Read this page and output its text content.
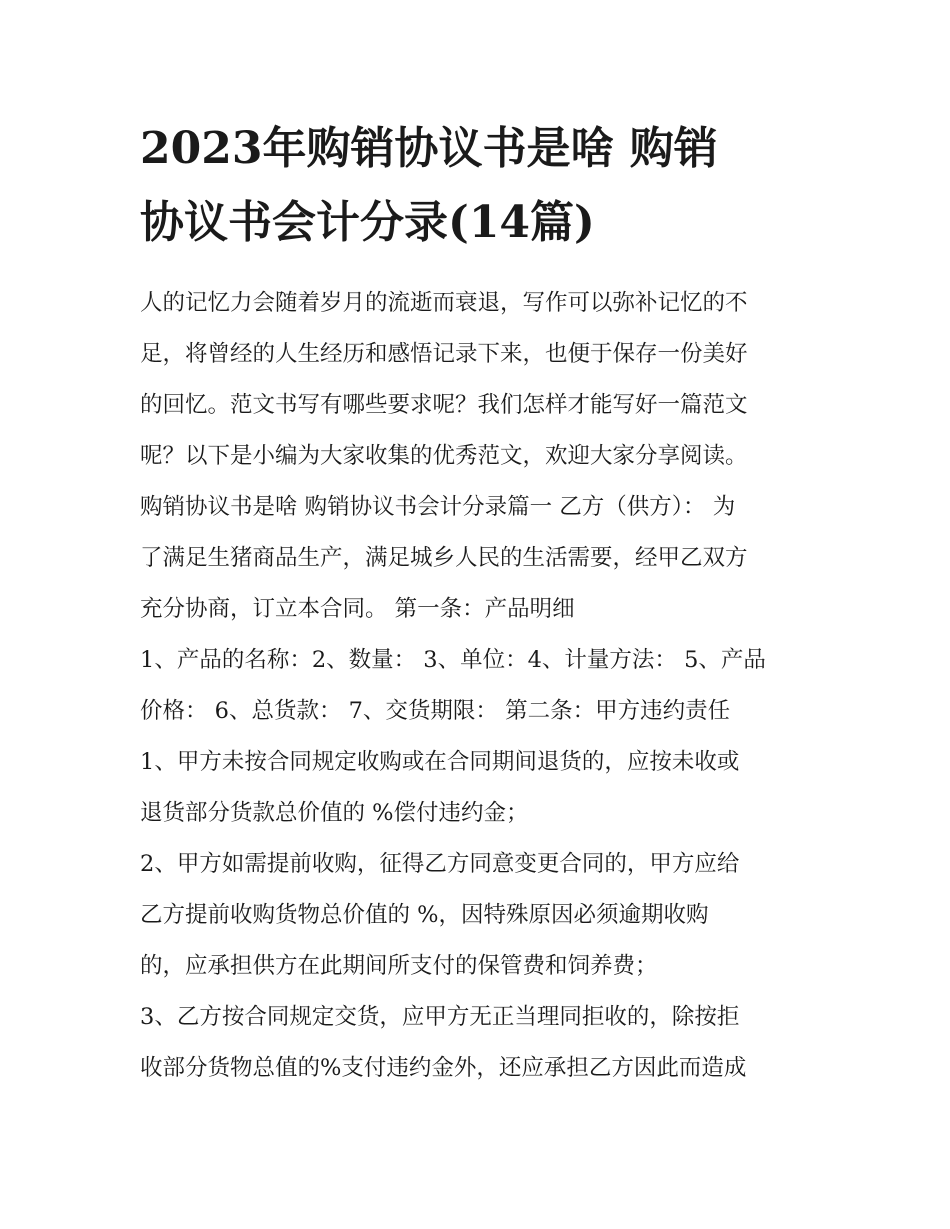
2023年购销协议书是啥 购销
协议书会计分录(14篇)
人的记忆力会随着岁月的流逝而衰退，写作可以弥补记忆的不
足，将曾经的人生经历和感悟记录下来，也便于保存一份美好
的回忆。范文书写有哪些要求呢？我们怎样才能写好一篇范文
呢？以下是小编为大家收集的优秀范文，欢迎大家分享阅读。
购销协议书是啥 购销协议书会计分录篇一 乙方（供方）： 为
了满足生猪商品生产，满足城乡人民的生活需要，经甲乙双方
充分协商，订立本合同。 第一条：产品明细
1、产品的名称：2、数量： 3、单位：4、计量方法： 5、产品
价格： 6、总货款： 7、交货期限： 第二条：甲方违约责任
1、甲方未按合同规定收购或在合同期间退货的，应按未收或
退货部分货款总价值的 %偿付违约金；
2、甲方如需提前收购，征得乙方同意变更合同的，甲方应给
乙方提前收购货物总价值的 %，因特殊原因必须逾期收购
的，应承担供方在此期间所支付的保管费和饲养费；
3、乙方按合同规定交货，应甲方无正当理同拒收的，除按拒
收部分货物总值的%支付违约金外，还应承担乙方因此而造成
